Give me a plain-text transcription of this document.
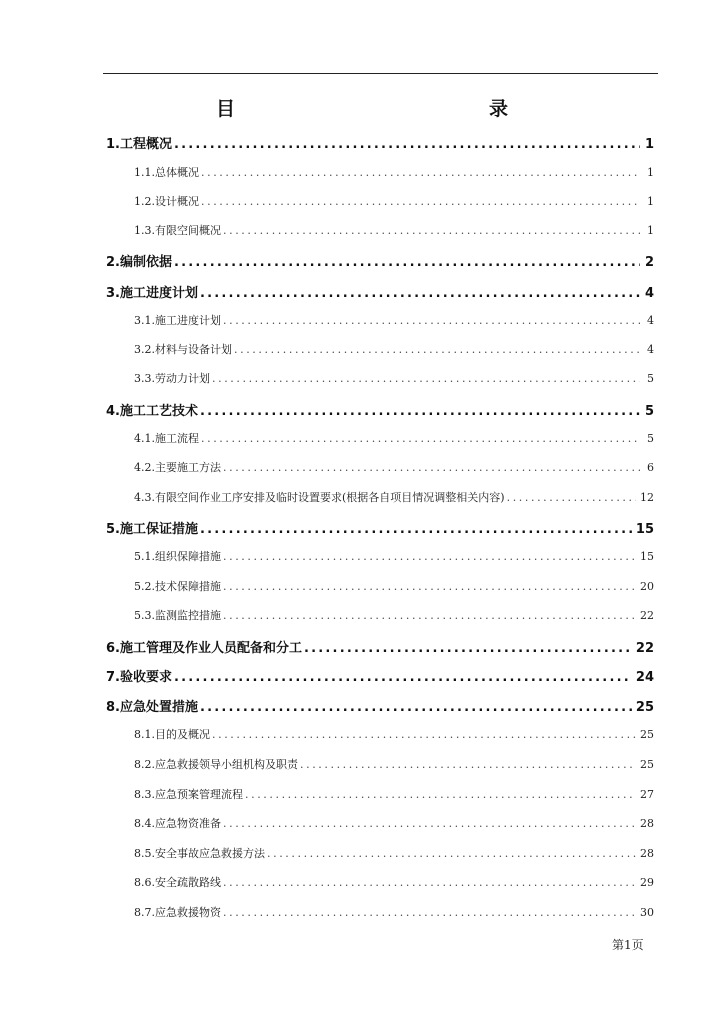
目　　录
1. 工程概况 .....	1
1.1. 总体概况 .....	1
1.2. 设计概况 .....	1
1.3. 有限空间概况 .....	1
2. 编制依据 .....	2
3. 施工进度计划 .....	4
3.1. 施工进度计划 .....	4
3.2. 材料与设备计划 .....	4
3.3. 劳动力计划 .....	5
4. 施工工艺技术 .....	5
4.1. 施工流程 .....	5
4.2. 主要施工方法 .....	6
4.3. 有限空间作业工序安排及临时设置要求(根据各自项目情况调整相关内容) .....	12
5. 施工保证措施 .....	15
5.1. 组织保障措施 .....	15
5.2. 技术保障措施 .....	20
5.3. 监测监控措施 .....	22
6. 施工管理及作业人员配备和分工 .....	22
7. 验收要求 .....	24
8. 应急处置措施 .....	25
8.1. 目的及概况 .....	25
8.2. 应急救援领导小组机构及职责 .....	25
8.3. 应急预案管理流程 .....	27
8.4. 应急物资准备 .....	28
8.5. 安全事故应急救援方法 .....	28
8.6. 安全疏散路线 .....	29
8.7. 应急救援物资 .....	30
第1页
